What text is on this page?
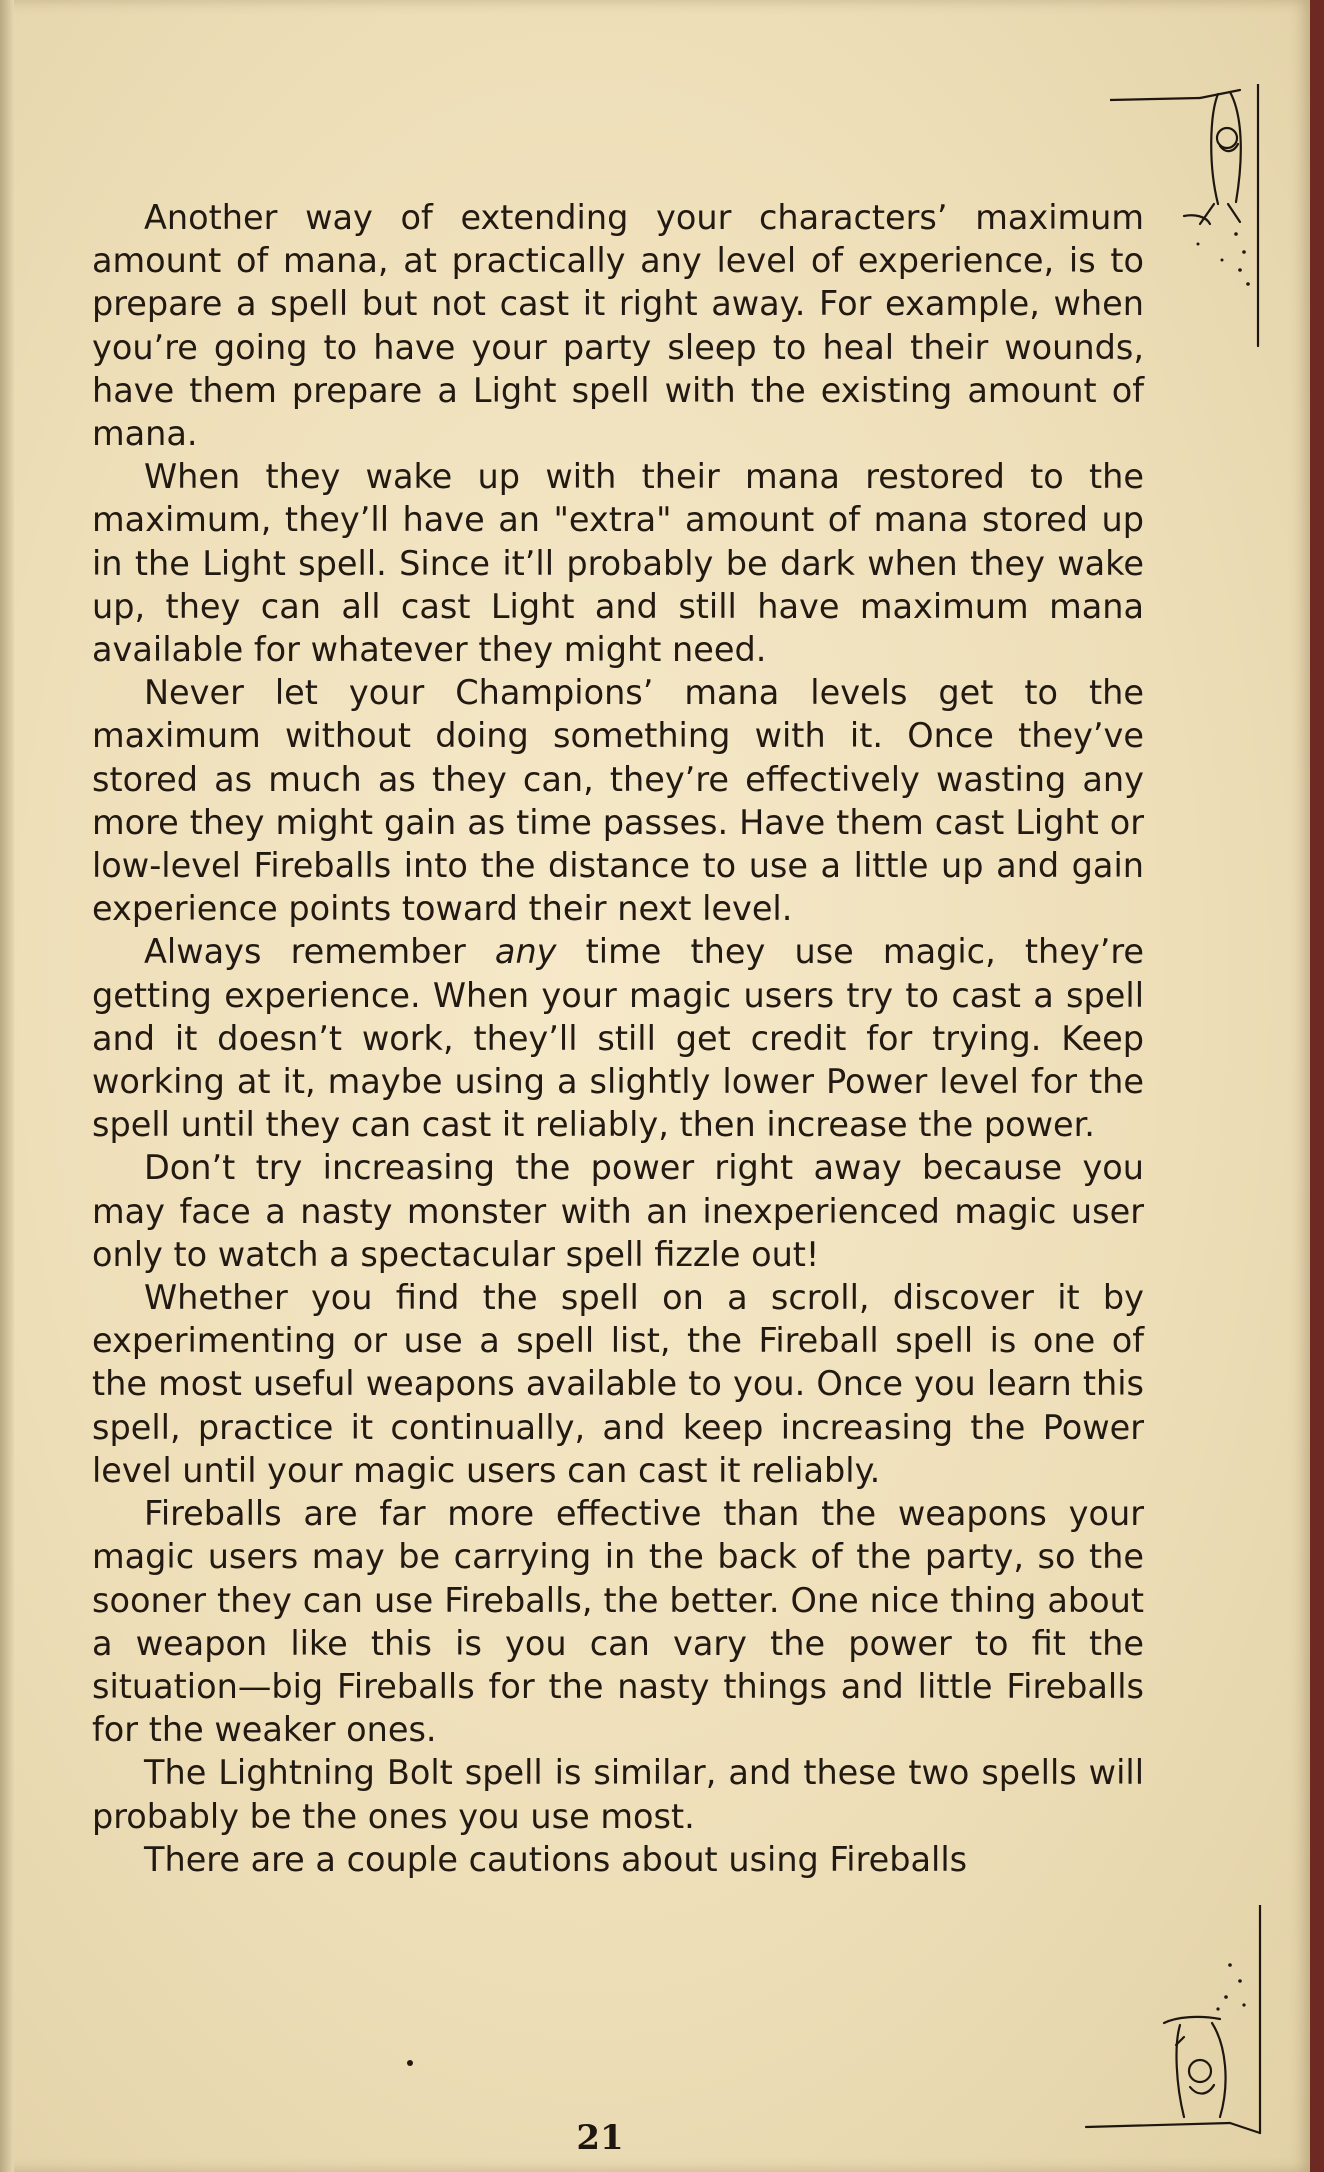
Another way of extending your characters’ maximum amount of mana, at practically any level of experience, is to prepare a spell but not cast it right away. For example, when you’re going to have your party sleep to heal their wounds, have them prepare a Light spell with the existing amount of mana.

When they wake up with their mana restored to the maximum, they’ll have an "extra" amount of mana stored up in the Light spell. Since it’ll probably be dark when they wake up, they can all cast Light and still have maximum mana available for whatever they might need.

Never let your Champions’ mana levels get to the maximum without doing something with it. Once they’ve stored as much as they can, they’re effectively wasting any more they might gain as time passes. Have them cast Light or low-level Fireballs into the distance to use a little up and gain experience points toward their next level.

Always remember any time they use magic, they’re getting experience. When your magic users try to cast a spell and it doesn’t work, they’ll still get credit for trying. Keep working at it, maybe using a slightly lower Power level for the spell until they can cast it reliably, then increase the power.

Don’t try increasing the power right away because you may face a nasty monster with an inexperienced magic user only to watch a spectacular spell fizzle out!

Whether you find the spell on a scroll, discover it by experimenting or use a spell list, the Fireball spell is one of the most useful weapons available to you. Once you learn this spell, practice it continually, and keep increasing the Power level until your magic users can cast it reliably.

Fireballs are far more effective than the weapons your magic users may be carrying in the back of the party, so the sooner they can use Fireballs, the better. One nice thing about a weapon like this is you can vary the power to fit the situation—big Fireballs for the nasty things and little Fireballs for the weaker ones.

The Lightning Bolt spell is similar, and these two spells will probably be the ones you use most.

There are a couple cautions about using Fireballs

21
